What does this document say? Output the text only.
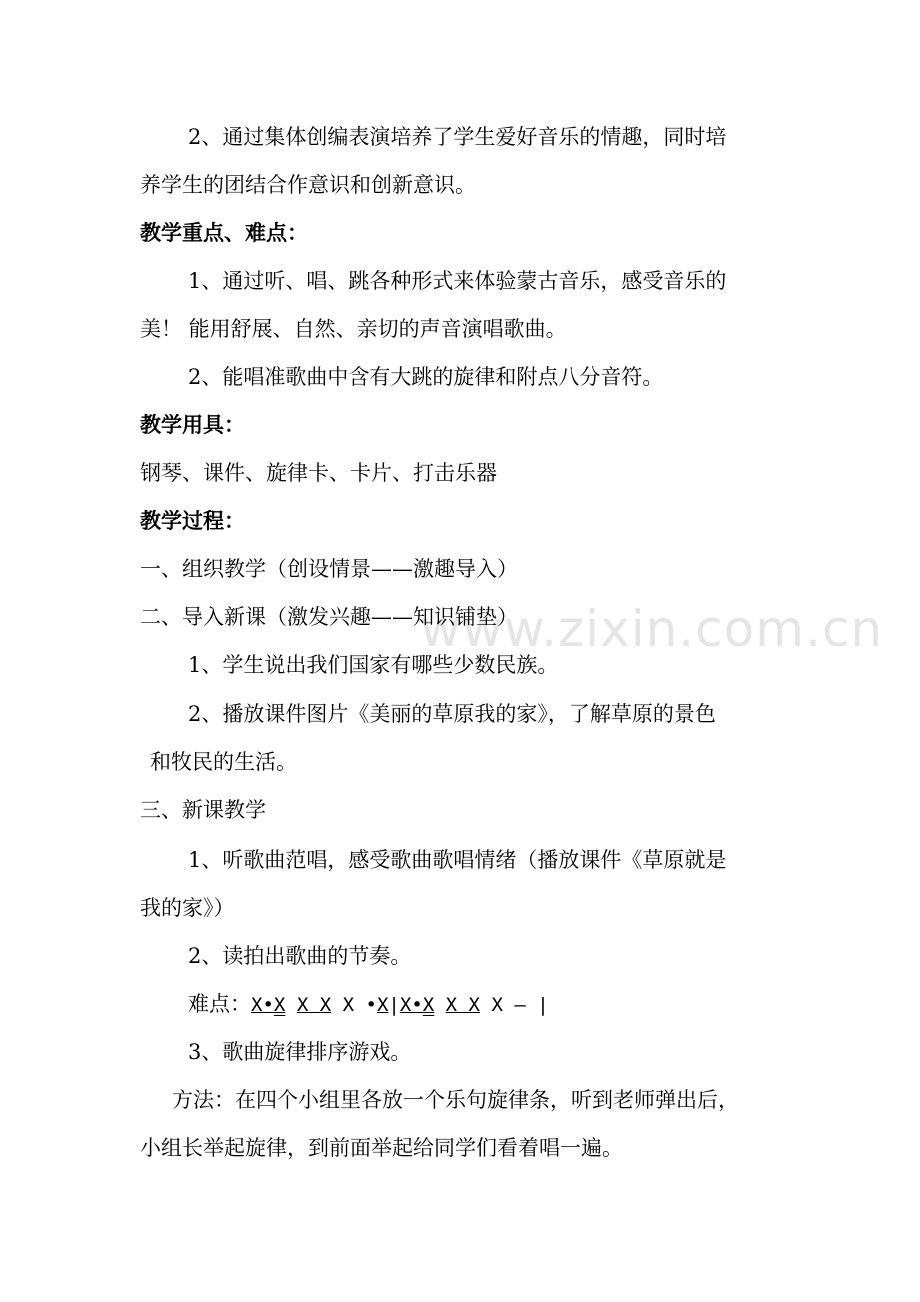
www.zixin.com.cn
2、通过集体创编表演培养了学生爱好音乐的情趣，同时培
养学生的团结合作意识和创新意识。
教学重点、难点：
1、通过听、唱、跳各种形式来体验蒙古音乐，感受音乐的
美！ 能用舒展、自然、亲切的声音演唱歌曲。
2、能唱准歌曲中含有大跳的旋律和附点八分音符。
教学用具：
钢琴、课件、旋律卡、卡片、打击乐器
教学过程：
一、组织教学（创设情景——激趣导入）
二、导入新课（激发兴趣——知识铺垫）
1、学生说出我们国家有哪些少数民族。
2、播放课件图片《美丽的草原我的家》，了解草原的景色
和牧民的生活。
三、新课教学
1、听歌曲范唱，感受歌曲歌唱情绪（播放课件《草原就是
我的家》）
2、读拍出歌曲的节奏。
难点：X•X X X X •X|X•X X X X – |
3、歌曲旋律排序游戏。
方法：在四个小组里各放一个乐句旋律条，听到老师弹出后，
小组长举起旋律，到前面举起给同学们看着唱一遍。
